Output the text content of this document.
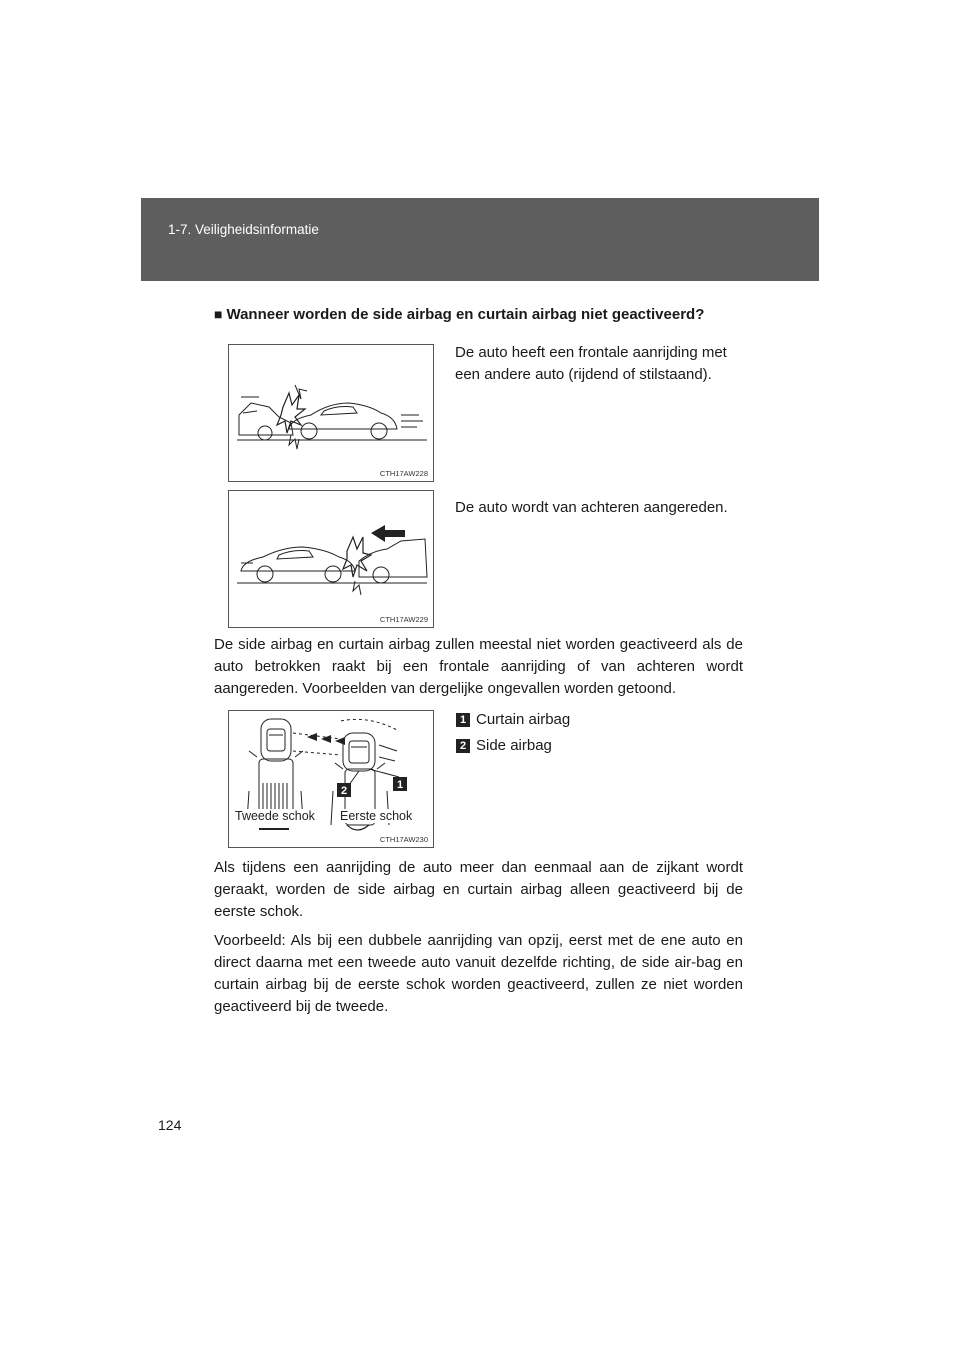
1-7. Veiligheidsinformatie
■ Wanneer worden de side airbag en curtain airbag niet geactiveerd?
CTH17AW228
De auto heeft een frontale aanrijding met een andere auto (rijdend of stilstaand).
CTH17AW229
De auto wordt van achteren aangereden.
De side airbag en curtain airbag zullen meestal niet worden geactiveerd als de auto betrokken raakt bij een frontale aanrijding of van achteren wordt aangereden. Voorbeelden van dergelijke ongevallen worden getoond.
2	1
Tweede schok Eerste schok
CTH17AW230
1 Curtain airbag
2 Side airbag
Als tijdens een aanrijding de auto meer dan eenmaal aan de zijkant wordt geraakt, worden de side airbag en curtain airbag alleen geactiveerd bij de eerste schok.
Voorbeeld: Als bij een dubbele aanrijding van opzij, eerst met de ene auto en direct daarna met een tweede auto vanuit dezelfde richting, de side air-bag en curtain airbag bij de eerste schok worden geactiveerd, zullen ze niet worden geactiveerd bij de tweede.
124
